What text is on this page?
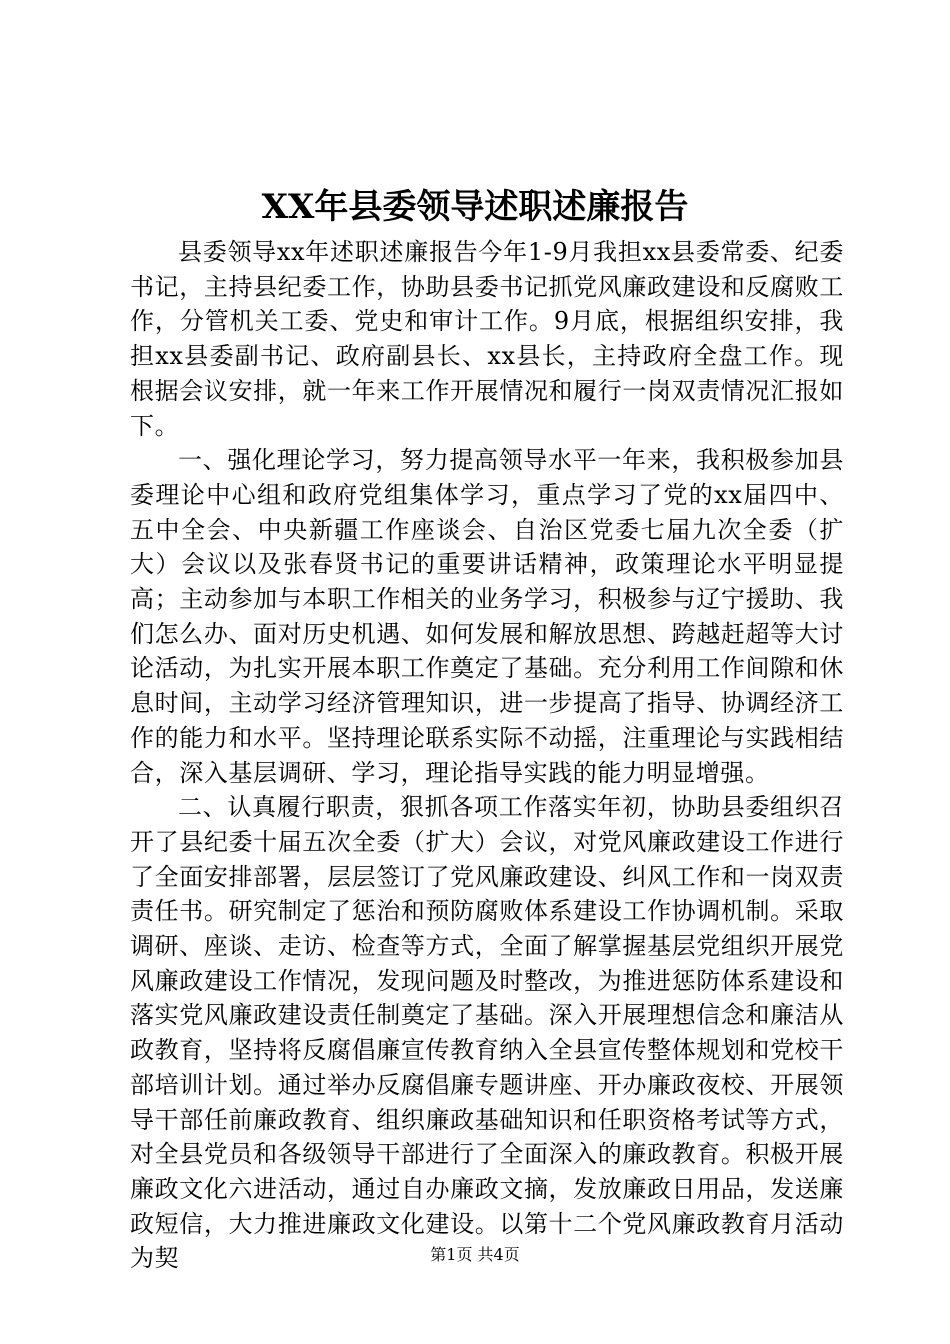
XX年县委领导述职述廉报告

县委领导xx年述职述廉报告今年1-9月我担xx县委常委、纪委书记，主持县纪委工作，协助县委书记抓党风廉政建设和反腐败工作，分管机关工委、党史和审计工作。9月底，根据组织安排，我担xx县委副书记、政府副县长、xx县长，主持政府全盘工作。现根据会议安排，就一年来工作开展情况和履行一岗双责情况汇报如下。

一、强化理论学习，努力提高领导水平一年来，我积极参加县委理论中心组和政府党组集体学习，重点学习了党的xx届四中、五中全会、中央新疆工作座谈会、自治区党委七届九次全委（扩大）会议以及张春贤书记的重要讲话精神，政策理论水平明显提高；主动参加与本职工作相关的业务学习，积极参与辽宁援助、我们怎么办、面对历史机遇、如何发展和解放思想、跨越赶超等大讨论活动，为扎实开展本职工作奠定了基础。充分利用工作间隙和休息时间，主动学习经济管理知识，进一步提高了指导、协调经济工作的能力和水平。坚持理论联系实际不动摇，注重理论与实践相结合，深入基层调研、学习，理论指导实践的能力明显增强。

二、认真履行职责，狠抓各项工作落实年初，协助县委组织召开了县纪委十届五次全委（扩大）会议，对党风廉政建设工作进行了全面安排部署，层层签订了党风廉政建设、纠风工作和一岗双责责任书。研究制定了惩治和预防腐败体系建设工作协调机制。采取调研、座谈、走访、检查等方式，全面了解掌握基层党组织开展党风廉政建设工作情况，发现问题及时整改，为推进惩防体系建设和落实党风廉政建设责任制奠定了基础。深入开展理想信念和廉洁从政教育，坚持将反腐倡廉宣传教育纳入全县宣传整体规划和党校干部培训计划。通过举办反腐倡廉专题讲座、开办廉政夜校、开展领导干部任前廉政教育、组织廉政基础知识和任职资格考试等方式，对全县党员和各级领导干部进行了全面深入的廉政教育。积极开展廉政文化六进活动，通过自办廉政文摘，发放廉政日用品，发送廉政短信，大力推进廉政文化建设。以第十二个党风廉政教育月活动为契	第1页 共4页
